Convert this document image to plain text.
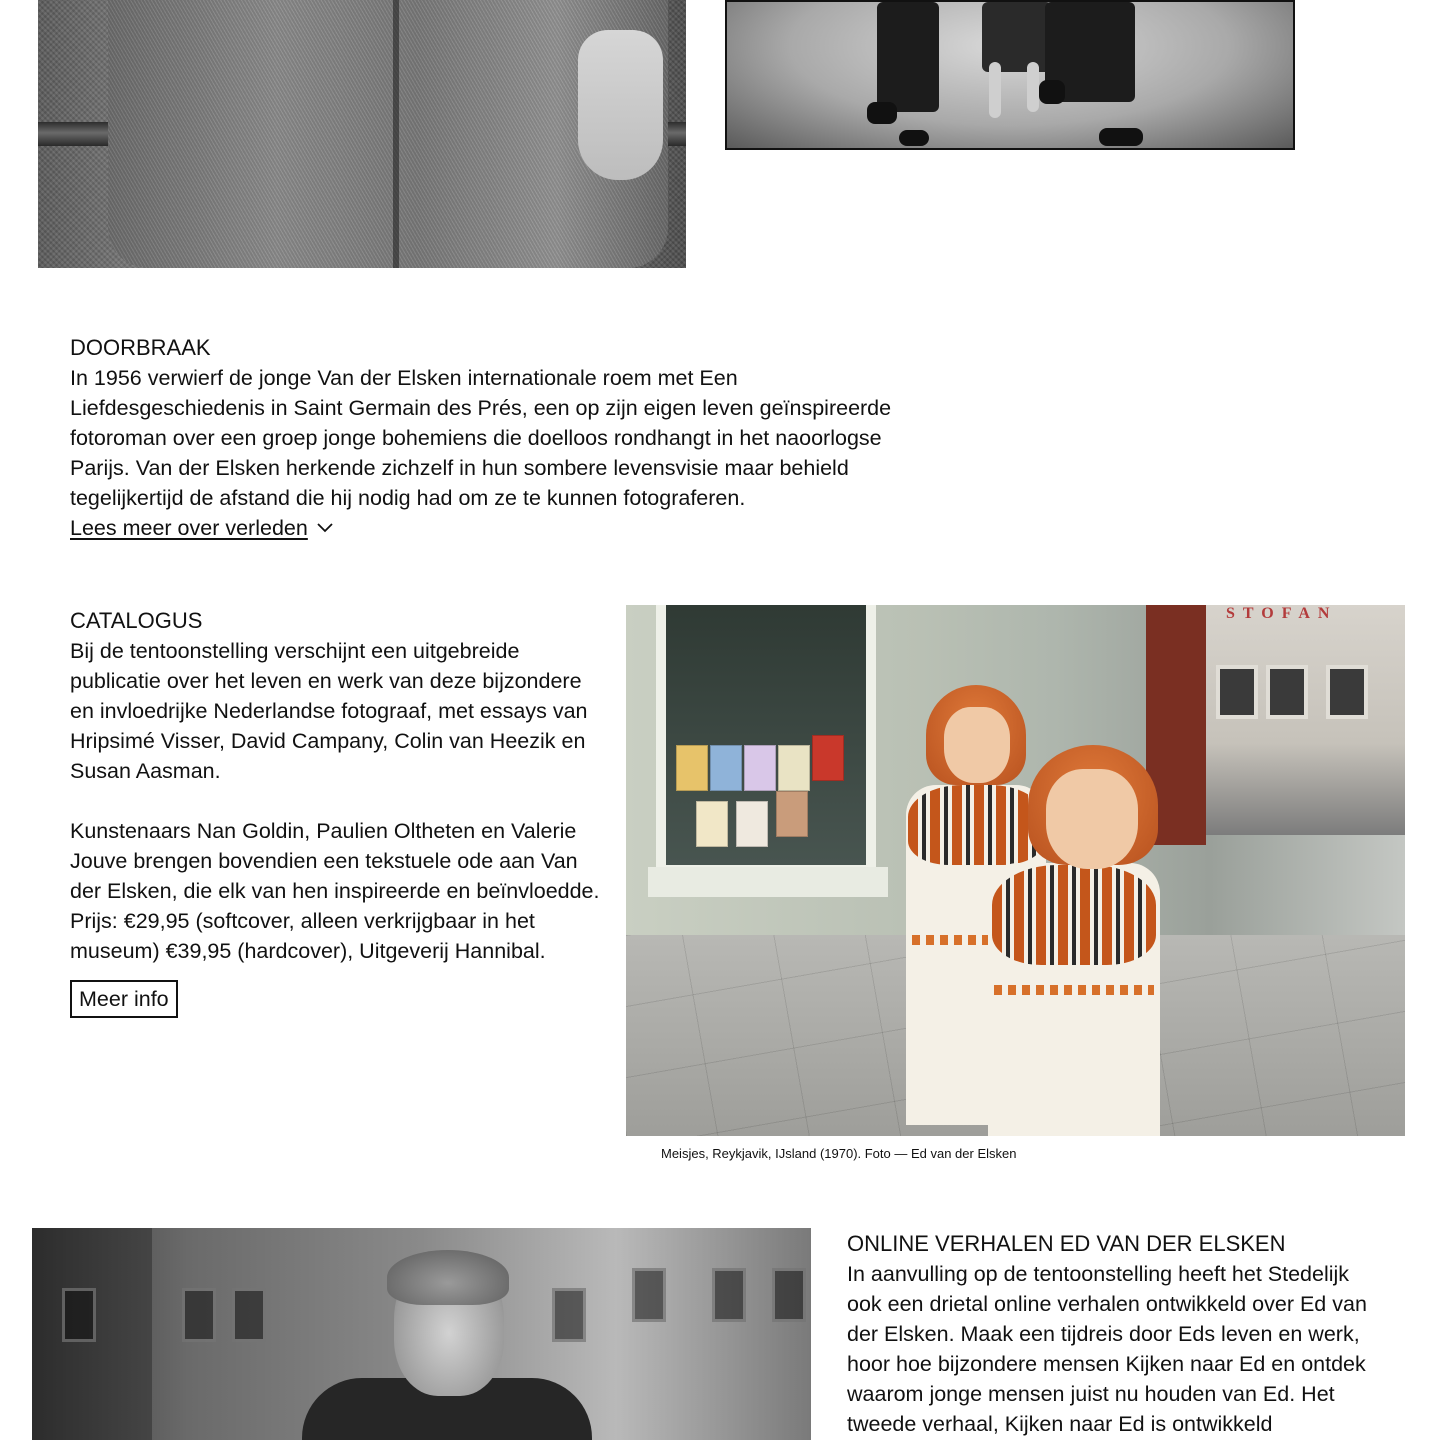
DOORBRAAK
In 1956 verwierf de jonge Van der Elsken internationale roem met Een Liefdesgeschiedenis in Saint Germain des Prés, een op zijn eigen leven geïnspireerde fotoroman over een groep jonge bohemiens die doelloos rondhangt in het naoorlogse Parijs. Van der Elsken herkende zichzelf in hun sombere levensvisie maar behield tegelijkertijd de afstand die hij nodig had om ze te kunnen fotograferen.
Lees meer over verleden
CATALOGUS
Bij de tentoonstelling verschijnt een uitgebreide publicatie over het leven en werk van deze bijzondere en invloedrijke Nederlandse fotograaf, met essays van Hripsimé Visser, David Campany, Colin van Heezik en Susan Aasman.
Kunstenaars Nan Goldin, Paulien Oltheten en Valerie Jouve brengen bovendien een tekstuele ode aan Van der Elsken, die elk van hen inspireerde en beïnvloedde.
Prijs: €29,95 (softcover, alleen verkrijgbaar in het museum) €39,95 (hardcover), Uitgeverij Hannibal.
Meer info
STOFAN
Meisjes, Reykjavik, IJsland (1970). Foto — Ed van der Elsken
ONLINE VERHALEN ED VAN DER ELSKEN
In aanvulling op de tentoonstelling heeft het Stedelijk ook een drietal online verhalen ontwikkeld over Ed van der Elsken. Maak een tijdreis door Eds leven en werk, hoor hoe bijzondere mensen Kijken naar Ed en ontdek waarom jonge mensen juist nu houden van Ed. Het tweede verhaal, Kijken naar Ed is ontwikkeld
